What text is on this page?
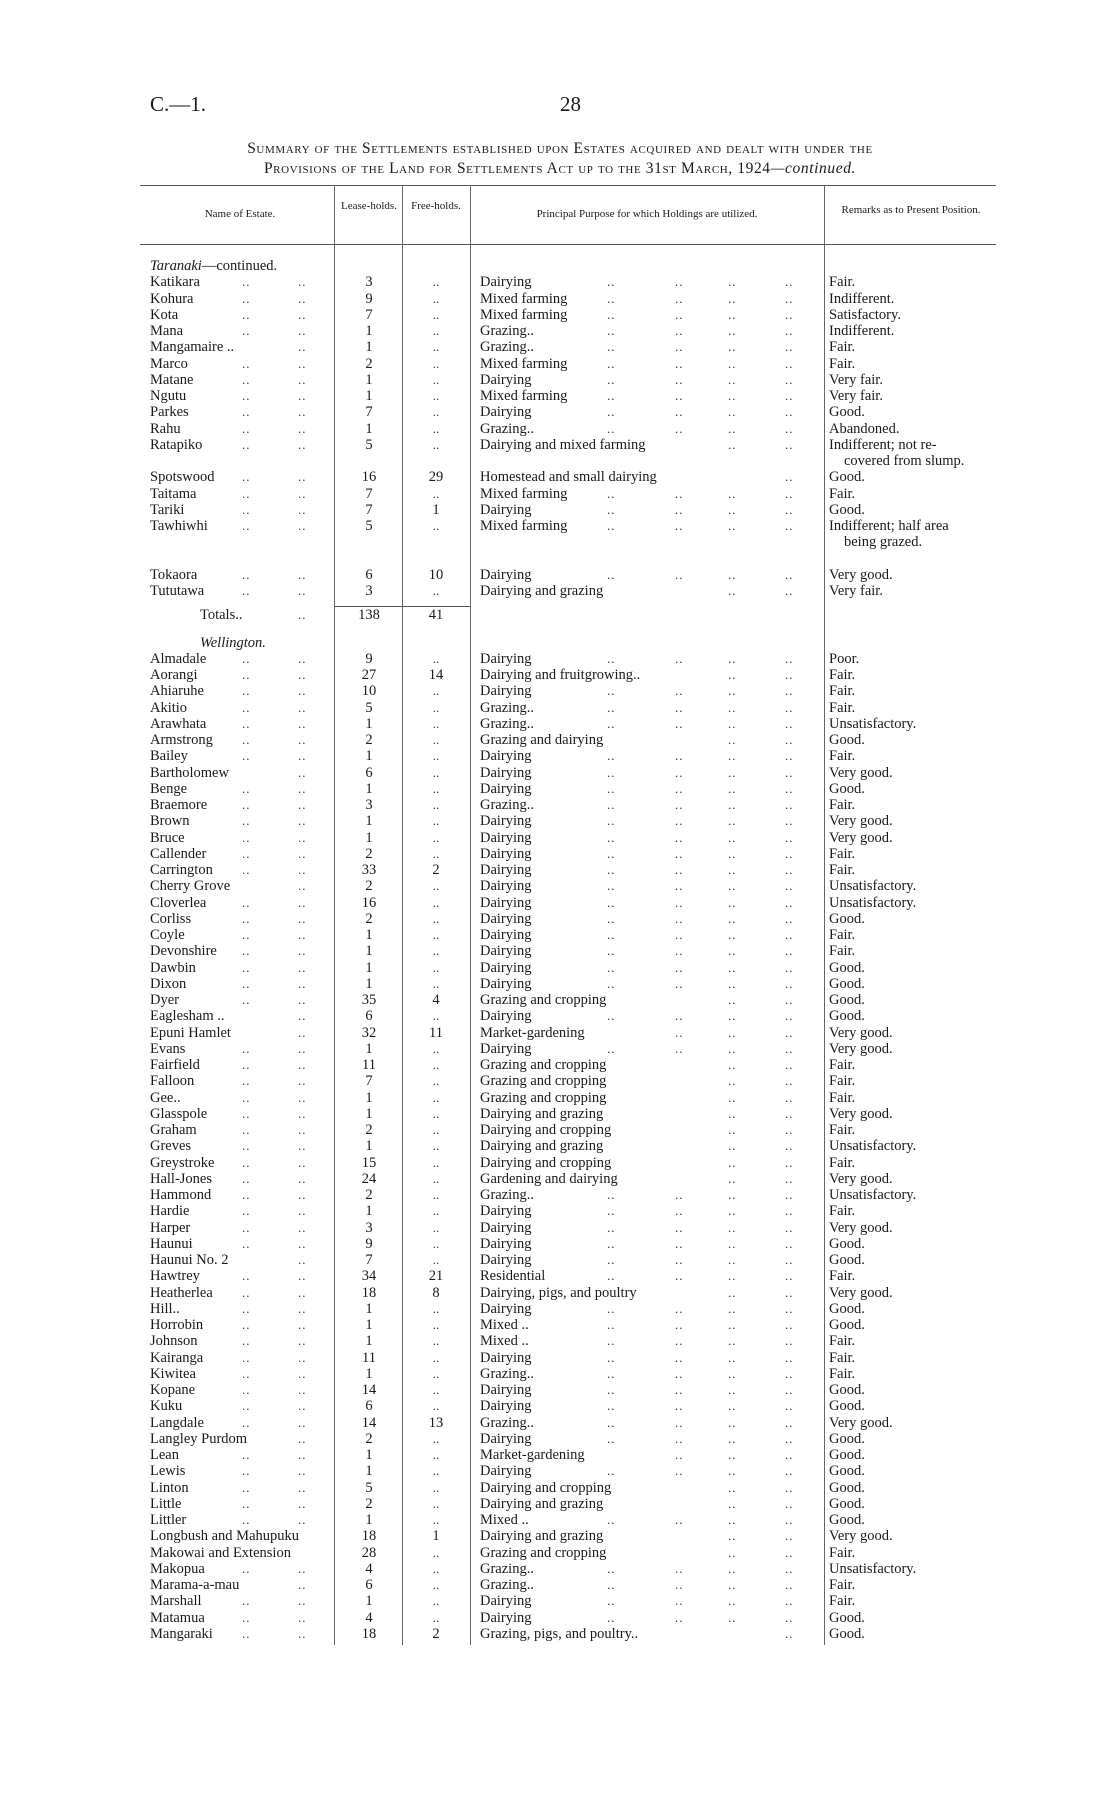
C.—1.	28
Summary of the Settlements established upon Estates acquired and dealt with under the
Provisions of the Land for Settlements Act up to the 31st March, 1924—continued.
Name of Estate.
Lease-holds.	Free-holds.
Principal Purpose for which Holdings are utilized.	Remarks as to Present Position.
Taranaki—continued.
Katikara	..	..	3	..	Dairying	..	..	..	.. Fair.
Kohura	..	..	9	..	Mixed farming	..	..	..	.. Indifferent.
Kota	..	..	7	..	Mixed farming	..	..	..	.. Satisfactory.
Mana	..	..	1	..	Grazing..	..	..	..	.. Indifferent.
Mangamaire ..	..	1	..	Grazing..	..	..	..	.. Fair.
Marco	..	..	2	..	Mixed farming	..	..	..	.. Fair.
Matane	..	..	1	..	Dairying	..	..	..	.. Very fair.
Ngutu	..	..	1	..	Mixed farming	..	..	..	.. Very fair.
Parkes	..	..	7	..	Dairying	..	..	..	.. Good.
Rahu	..	..	1	..	Grazing..	..	..	..	.. Abandoned.
Ratapiko	..	..	5	..	Dairying and mixed farming	..	.. Indifferent; not re-
covered from slump.
Spotswood ..	..	16	29	Homestead and small dairying	.. Good.
Taitama	..	..	7	..	Mixed farming	..	..	..	.. Fair.
Tariki	..	..	7	1	Dairying	..	..	..	.. Good.
Tawhiwhi	..	..	5	..	Mixed farming	..	..	..	.. Indifferent; half area
being grazed.
Tokaora	..	..	6	10	Dairying	..	..	..	.. Very good.
Tututawa	..	..	3	..	Dairying and grazing	..	.. Very fair.
Totals..	..	138	41
Wellington.
Almadale	..	..	9	..	Dairying	..	..	..	.. Poor.
Aorangi	..	..	27	14	Dairying and fruitgrowing..	..	.. Fair.
Ahiaruhe	..	..	10	..	Dairying	..	..	..	.. Fair.
Akitio	..	..	5	..	Grazing..	..	..	..	.. Fair.
Arawhata	..	..	1	..	Grazing..	..	..	..	.. Unsatisfactory.
Armstrong ..	..	2	..	Grazing and dairying	..	.. Good.
Bailey	..	..	1	..	Dairying	..	..	..	.. Fair.
Bartholomew	..	6	..	Dairying	..	..	..	.. Very good.
Benge	..	..	1	..	Dairying	..	..	..	.. Good.
Braemore	..	..	3	..	Grazing..	..	..	..	.. Fair.
Brown	..	..	1	..	Dairying	..	..	..	.. Very good.
Bruce	..	..	1	..	Dairying	..	..	..	.. Very good.
Callender	..	..	2	..	Dairying	..	..	..	.. Fair.
Carrington ..	..	33	2	Dairying	..	..	..	.. Fair.
Cherry Grove	..	2	..	Dairying	..	..	..	.. Unsatisfactory.
Cloverlea	..	..	16	..	Dairying	..	..	..	.. Unsatisfactory.
Corliss	..	..	2	..	Dairying	..	..	..	.. Good.
Coyle	..	..	1	..	Dairying	..	..	..	.. Fair.
Devonshire ..	..	1	..	Dairying	..	..	..	.. Fair.
Dawbin	..	..	1	..	Dairying	..	..	..	.. Good.
Dixon	..	..	1	..	Dairying	..	..	..	.. Good.
Dyer	..	..	35	4	Grazing and cropping	..	.. Good.
Eaglesham ..	..	6	..	Dairying	..	..	..	.. Good.
Epuni Hamlet	..	32	11	Market-gardening	..	..	.. Very good.
Evans	..	..	1	..	Dairying	..	..	..	.. Very good.
Fairfield	..	..	11	..	Grazing and cropping	..	.. Fair.
Falloon	..	..	7	..	Grazing and cropping	..	.. Fair.
Gee..	..	..	1	..	Grazing and cropping	..	.. Fair.
Glasspole	..	..	1	..	Dairying and grazing	..	.. Very good.
Graham	..	..	2	..	Dairying and cropping	..	.. Fair.
Greves	..	..	1	..	Dairying and grazing	..	.. Unsatisfactory.
Greystroke ..	..	15	..	Dairying and cropping	..	.. Fair.
Hall-Jones ..	..	24	..	Gardening and dairying	..	.. Very good.
Hammond ..	..	2	..	Grazing..	..	..	..	.. Unsatisfactory.
Hardie	..	..	1	..	Dairying	..	..	..	.. Fair.
Harper	..	..	3	..	Dairying	..	..	..	.. Very good.
Haunui	..	..	9	..	Dairying	..	..	..	.. Good.
Haunui No. 2	..	7	..	Dairying	..	..	..	.. Good.
Hawtrey	..	..	34	21	Residential	..	..	..	.. Fair.
Heatherlea ..	..	18	8	Dairying, pigs, and poultry	..	.. Very good.
Hill..	..	..	1	..	Dairying	..	..	..	.. Good.
Horrobin	..	..	1	..	Mixed ..	..	..	..	.. Good.
Johnson	..	..	1	..	Mixed ..	..	..	..	.. Fair.
Kairanga	..	..	11	..	Dairying	..	..	..	.. Fair.
Kiwitea	..	..	1	..	Grazing..	..	..	..	.. Fair.
Kopane	..	..	14	..	Dairying	..	..	..	.. Good.
Kuku	..	..	6	..	Dairying	..	..	..	.. Good.
Langdale	..	..	14	13	Grazing..	..	..	..	.. Very good.
Langley Purdom	..	2	..	Dairying	..	..	..	.. Good.
Lean	..	..	1	..	Market-gardening	..	..	.. Good.
Lewis	..	..	1	..	Dairying	..	..	..	.. Good.
Linton	..	..	5	..	Dairying and cropping	..	.. Good.
Little	..	..	2	..	Dairying and grazing	..	.. Good.
Littler	..	..	1	..	Mixed ..	..	..	..	.. Good.
Longbush and Mahupuku	18	1	Dairying and grazing	..	.. Very good.
Makowai and Extension	28	..	Grazing and cropping	..	.. Fair.
Makopua	..	..	4	..	Grazing..	..	..	..	.. Unsatisfactory.
Marama-a-mau	..	6	..	Grazing..	..	..	..	.. Fair.
Marshall	..	..	1	..	Dairying	..	..	..	.. Fair.
Matamua	..	..	4	..	Dairying	..	..	..	.. Good.
Mangaraki ..	..	18	2	Grazing, pigs, and poultry..	.. Good.
